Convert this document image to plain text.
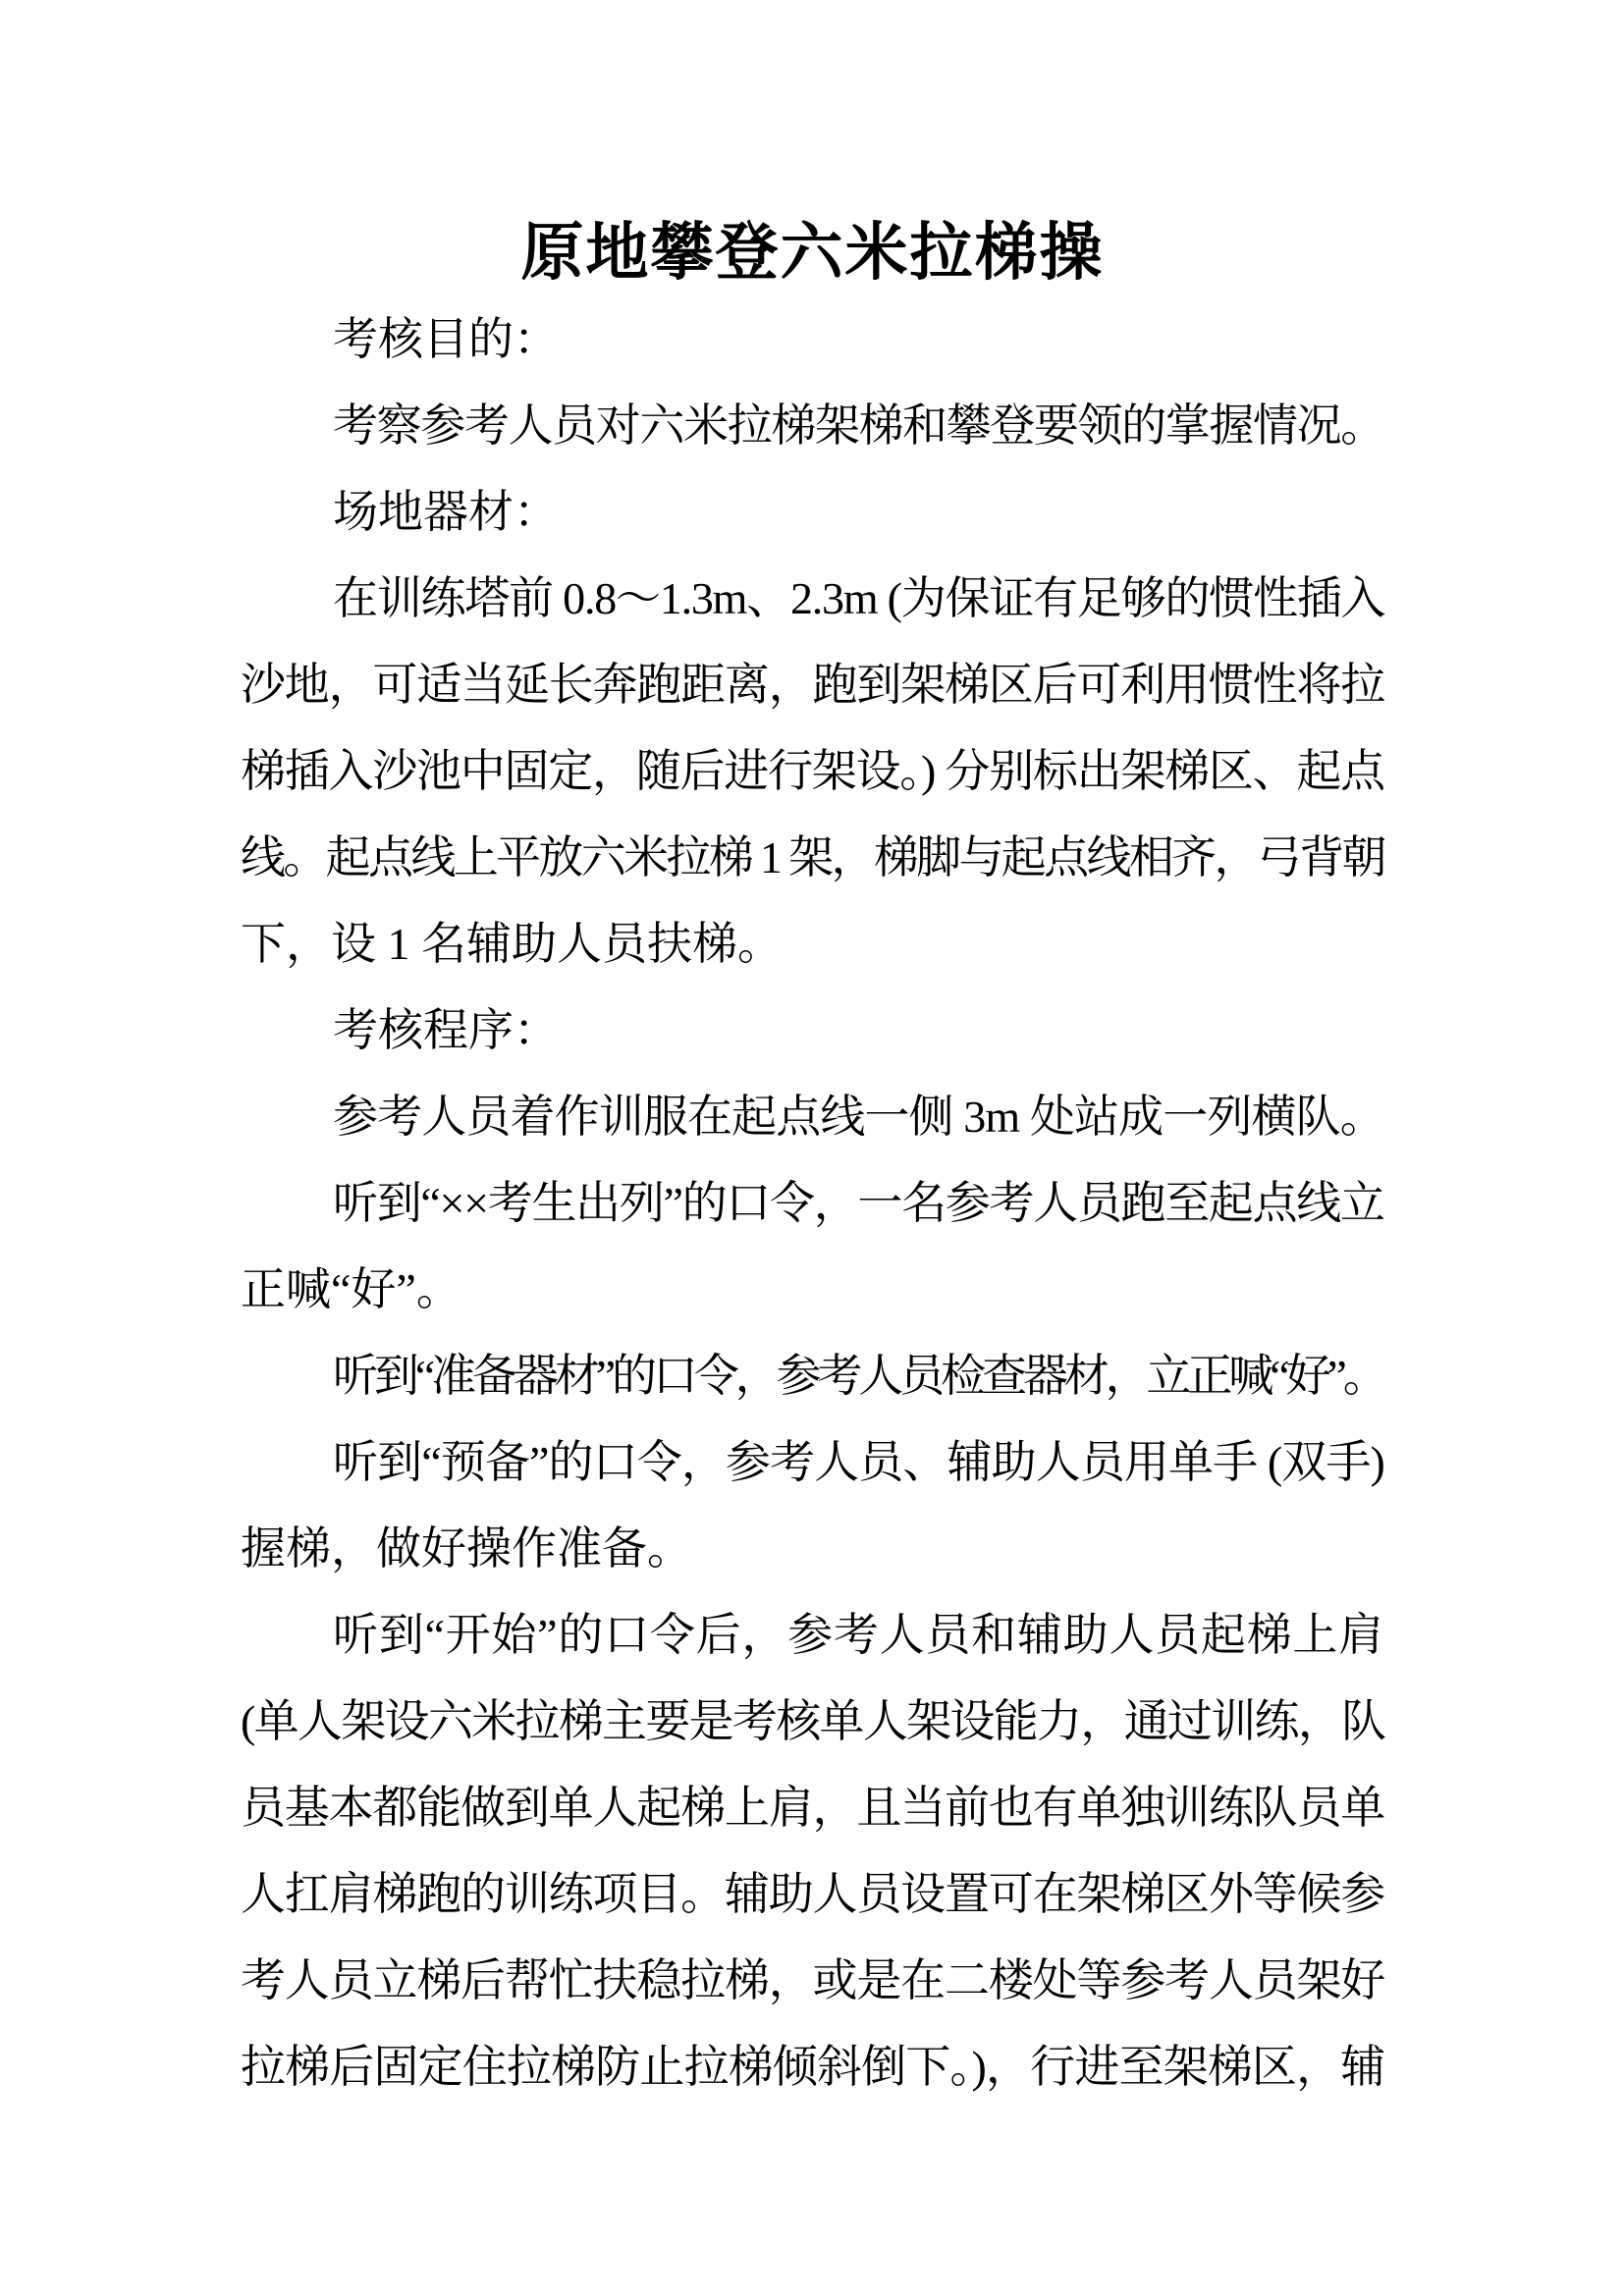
原地攀登六米拉梯操
考核目的：
考察参考人员对六米拉梯架梯和攀登要领的掌握情况。
场地器材：
在训练塔前 0.8～1.3m、2.3m (为保证有足够的惯性插入
沙地，可适当延长奔跑距离，跑到架梯区后可利用惯性将拉
梯插入沙池中固定，随后进行架设。) 分别标出架梯区、起点
线。起点线上平放六米拉梯 1 架，梯脚与起点线相齐，弓背朝
下，设 1 名辅助人员扶梯。
考核程序：
参考人员着作训服在起点线一侧 3m 处站成一列横队。
听到“××考生出列”的口令，一名参考人员跑至起点线立
正喊“好”。
听到“准备器材”的口令，参考人员检查器材，立正喊“好”。
听到“预备”的口令，参考人员、辅助人员用单手 (双手)
握梯，做好操作准备。
听到“开始”的口令后，参考人员和辅助人员起梯上肩
(单人架设六米拉梯主要是考核单人架设能力，通过训练，队
员基本都能做到单人起梯上肩，且当前也有单独训练队员单
人扛肩梯跑的训练项目。辅助人员设置可在架梯区外等候参
考人员立梯后帮忙扶稳拉梯，或是在二楼处等参考人员架好
拉梯后固定住拉梯防止拉梯倾斜倒下。)，行进至架梯区，辅
